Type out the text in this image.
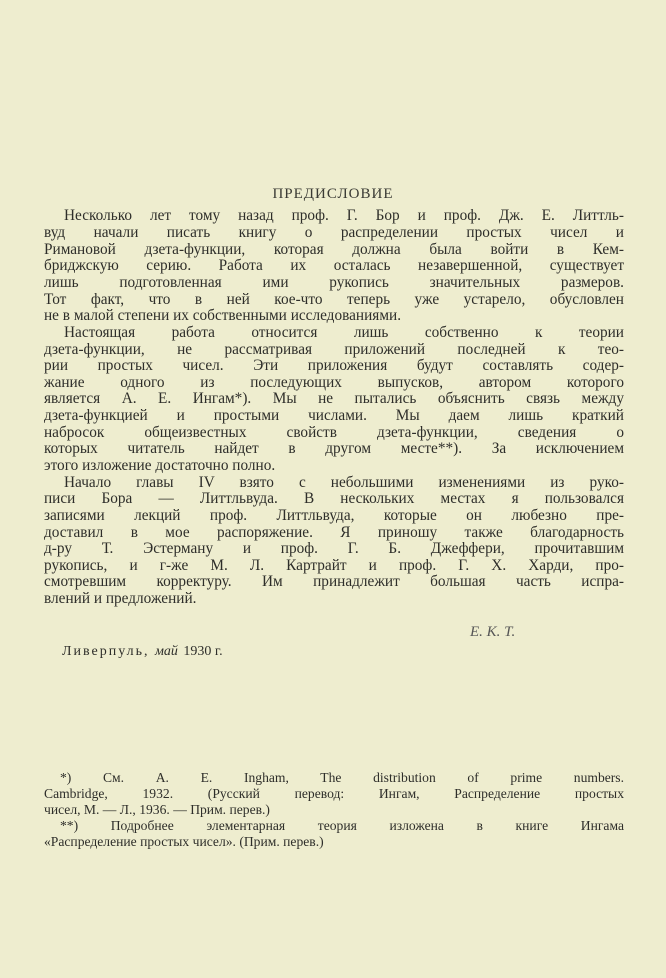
ПРЕДИСЛОВИЕ
Несколько лет тому назад проф. Г. Бор и проф. Дж. Е. Литтль-
вуд начали писать книгу о распределении простых чисел и
Римановой дзета-функции, которая должна была войти в Кем-
бриджскую серию. Работа их осталась незавершенной, существует
лишь подготовленная ими рукопись значительных размеров.
Тот факт, что в ней кое-что теперь уже устарело, обусловлен
не в малой степени их собственными исследованиями.
Настоящая работа относится лишь собственно к теории
дзета-функции, не рассматривая приложений последней к тео-
рии простых чисел. Эти приложения будут составлять содер-
жание одного из последующих выпусков, автором которого
является А. Е. Ингам*). Мы не пытались объяснить связь между
дзета-функцией и простыми числами. Мы даем лишь краткий
набросок общеизвестных свойств дзета-функции, сведения о
которых читатель найдет в другом месте**). За исключением
этого изложение достаточно полно.
Начало главы IV взято с небольшими изменениями из руко-
писи Бора — Литтльвуда. В нескольких местах я пользовался
записями лекций проф. Литтльвуда, которые он любезно пре-
доставил в мое распоряжение. Я приношу также благодарность
д-ру Т. Эстерману и проф. Г. Б. Джеффери, прочитавшим
рукопись, и г-же М. Л. Картрайт и проф. Г. Х. Харди, про-
смотревшим корректуру. Им принадлежит большая часть испра-
влений и предложений.
Е. К. Т.
Ливерпуль, май 1930 г.
*) См. А. Е. Ingham, The distribution of prime numbers.
Cambridge, 1932. (Русский перевод: Ингам, Распределение простых
чисел, М. — Л., 1936. — Прим. перев.)
**) Подробнее элементарная теория изложена в книге Ингама
«Распределение простых чисел». (Прим. перев.)
